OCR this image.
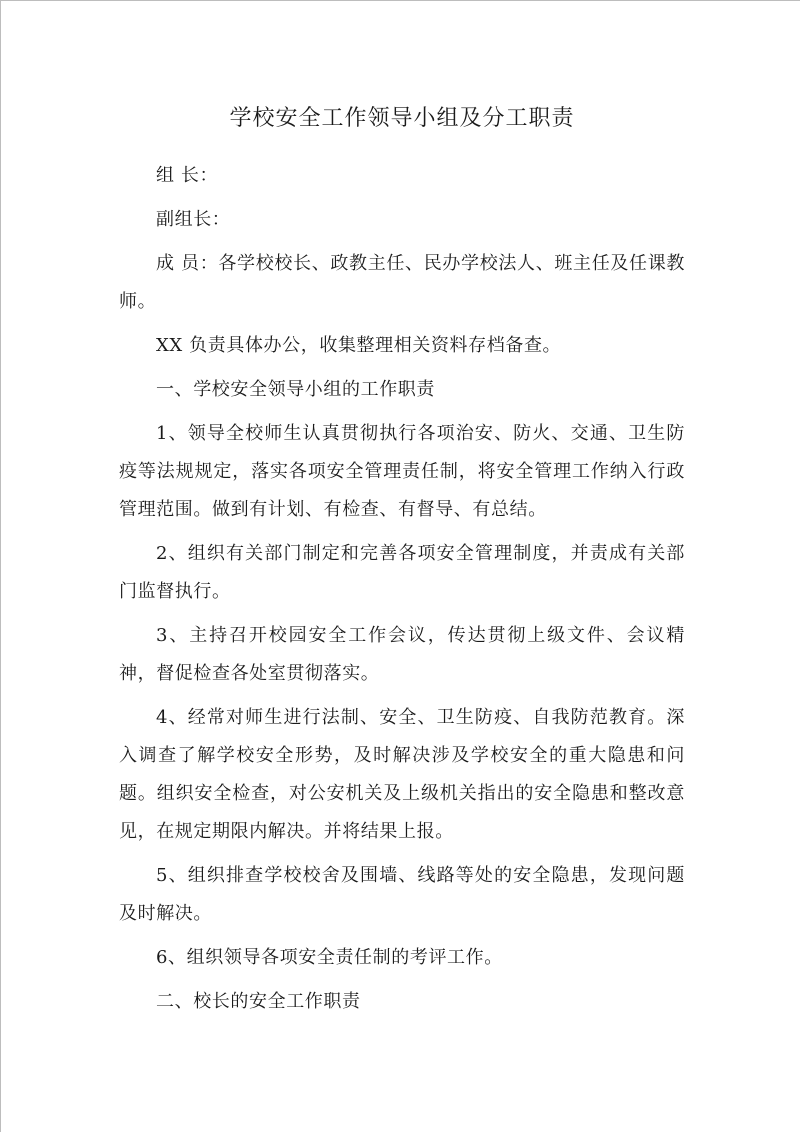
学校安全工作领导小组及分工职责

组 长：

副组长：

成 员：各学校校长、政教主任、民办学校法人、班主任及任课教师。

XX 负责具体办公，收集整理相关资料存档备查。

一、学校安全领导小组的工作职责

1、领导全校师生认真贯彻执行各项治安、防火、交通、卫生防疫等法规规定，落实各项安全管理责任制，将安全管理工作纳入行政管理范围。做到有计划、有检查、有督导、有总结。

2、组织有关部门制定和完善各项安全管理制度，并责成有关部门监督执行。

3、主持召开校园安全工作会议，传达贯彻上级文件、会议精神，督促检查各处室贯彻落实。

4、经常对师生进行法制、安全、卫生防疫、自我防范教育。深入调查了解学校安全形势，及时解决涉及学校安全的重大隐患和问题。组织安全检查，对公安机关及上级机关指出的安全隐患和整改意见，在规定期限内解决。并将结果上报。

5、组织排查学校校舍及围墙、线路等处的安全隐患，发现问题及时解决。

6、组织领导各项安全责任制的考评工作。

二、校长的安全工作职责
